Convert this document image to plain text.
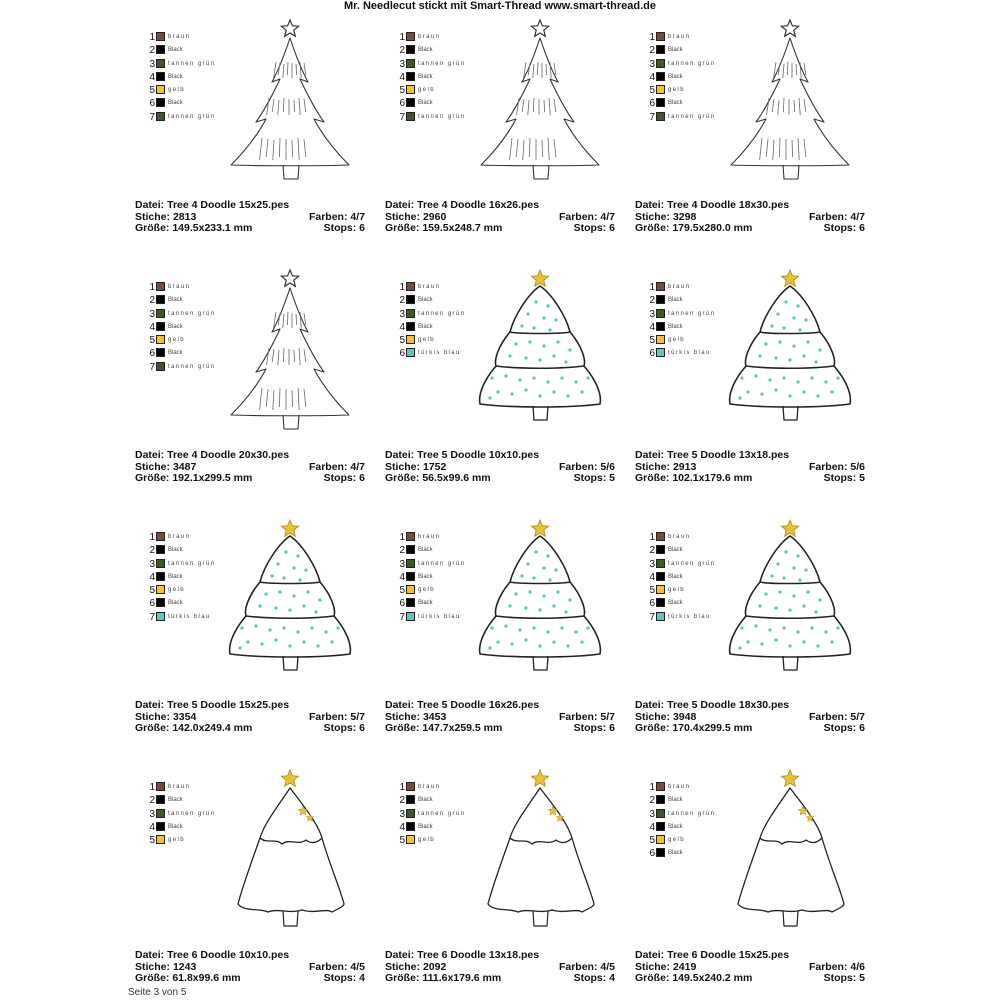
Mr. Needlecut stickt mit Smart-Thread www.smart-thread.de
1 braun
2 Black
3 tannen grün
4 Black
5 gelb
6 Black
7 tannen grün
Datei: Tree 4 Doodle 15x25.pes
Stiche: 2813
Größe: 149.5x233.1 mm
Farben: 4/7
Stops: 6
1 braun
2 Black
3 tannen grün
4 Black
5 gelb
6 Black
7 tannen grün
Datei: Tree 4 Doodle 16x26.pes
Stiche: 2960
Größe: 159.5x248.7 mm
Farben: 4/7
Stops: 6
1 braun
2 Black
3 tannen grün
4 Black
5 gelb
6 Black
7 tannen grün
Datei: Tree 4 Doodle 18x30.pes
Stiche: 3298
Größe: 179.5x280.0 mm
Farben: 4/7
Stops: 6
1 braun
2 Black
3 tannen grün
4 Black
5 gelb
6 Black
7 tannen grün
Datei: Tree 4 Doodle 20x30.pes
Stiche: 3487
Größe: 192.1x299.5 mm
Farben: 4/7
Stops: 6
1 braun
2 Black
3 tannen grün
4 Black
5 gelb
6 türkis blau
Datei: Tree 5 Doodle 10x10.pes
Stiche: 1752
Größe: 56.5x99.6 mm
Farben: 5/6
Stops: 5
1 braun
2 Black
3 tannen grün
4 Black
5 gelb
6 türkis blau
Datei: Tree 5 Doodle 13x18.pes
Stiche: 2913
Größe: 102.1x179.6 mm
Farben: 5/6
Stops: 5
1 braun
2 Black
3 tannen grün
4 Black
5 gelb
6 Black
7 türkis blau
Datei: Tree 5 Doodle 15x25.pes
Stiche: 3354
Größe: 142.0x249.4 mm
Farben: 5/7
Stops: 6
1 braun
2 Black
3 tannen grün
4 Black
5 gelb
6 Black
7 türkis blau
Datei: Tree 5 Doodle 16x26.pes
Stiche: 3453
Größe: 147.7x259.5 mm
Farben: 5/7
Stops: 6
1 braun
2 Black
3 tannen grün
4 Black
5 gelb
6 Black
7 türkis blau
Datei: Tree 5 Doodle 18x30.pes
Stiche: 3948
Größe: 170.4x299.5 mm
Farben: 5/7
Stops: 6
1 braun
2 Black
3 tannen grün
4 Black
5 gelb
Datei: Tree 6 Doodle 10x10.pes
Stiche: 1243
Größe: 61.8x99.6 mm
Farben: 4/5
Stops: 4
1 braun
2 Black
3 tannen grün
4 Black
5 gelb
Datei: Tree 6 Doodle 13x18.pes
Stiche: 2092
Größe: 111.6x179.6 mm
Farben: 4/5
Stops: 4
1 braun
2 Black
3 tannen grün
4 Black
5 gelb
6 Black
Datei: Tree 6 Doodle 15x25.pes
Stiche: 2419
Größe: 149.5x240.2 mm
Farben: 4/6
Stops: 5
Seite 3 von 5
